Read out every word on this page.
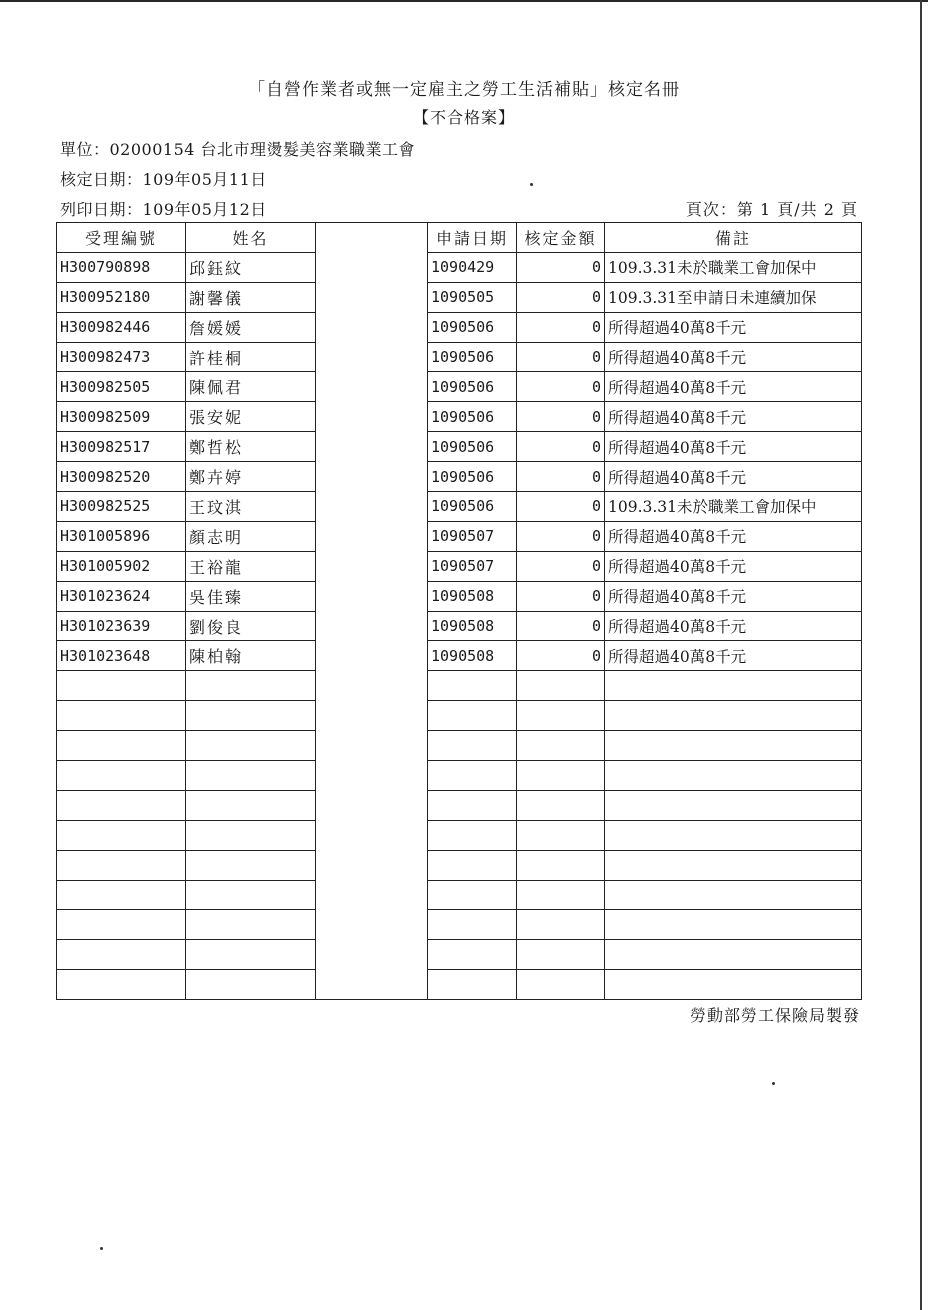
「自營作業者或無一定雇主之勞工生活補貼」核定名冊
【不合格案】
單位：02000154 台北市理燙髮美容業職業工會
核定日期：109年05月11日
列印日期：109年05月12日	頁次：第 1 頁/共 2 頁
受理編號	姓名		申請日期	核定金額	備註
H300790898	邱鈺紋		1090429	0	109.3.31未於職業工會加保中
H300952180	謝馨儀		1090505	0	109.3.31至申請日未連續加保
H300982446	詹媛媛		1090506	0	所得超過40萬8千元
H300982473	許桂桐		1090506	0	所得超過40萬8千元
H300982505	陳佩君		1090506	0	所得超過40萬8千元
H300982509	張安妮		1090506	0	所得超過40萬8千元
H300982517	鄭哲松		1090506	0	所得超過40萬8千元
H300982520	鄭卉婷		1090506	0	所得超過40萬8千元
H300982525	王玟淇		1090506	0	109.3.31未於職業工會加保中
H301005896	顏志明		1090507	0	所得超過40萬8千元
H301005902	王裕龍		1090507	0	所得超過40萬8千元
H301023624	吳佳臻		1090508	0	所得超過40萬8千元
H301023639	劉俊良		1090508	0	所得超過40萬8千元
H301023648	陳柏翰		1090508	0	所得超過40萬8千元

勞動部勞工保險局製發
